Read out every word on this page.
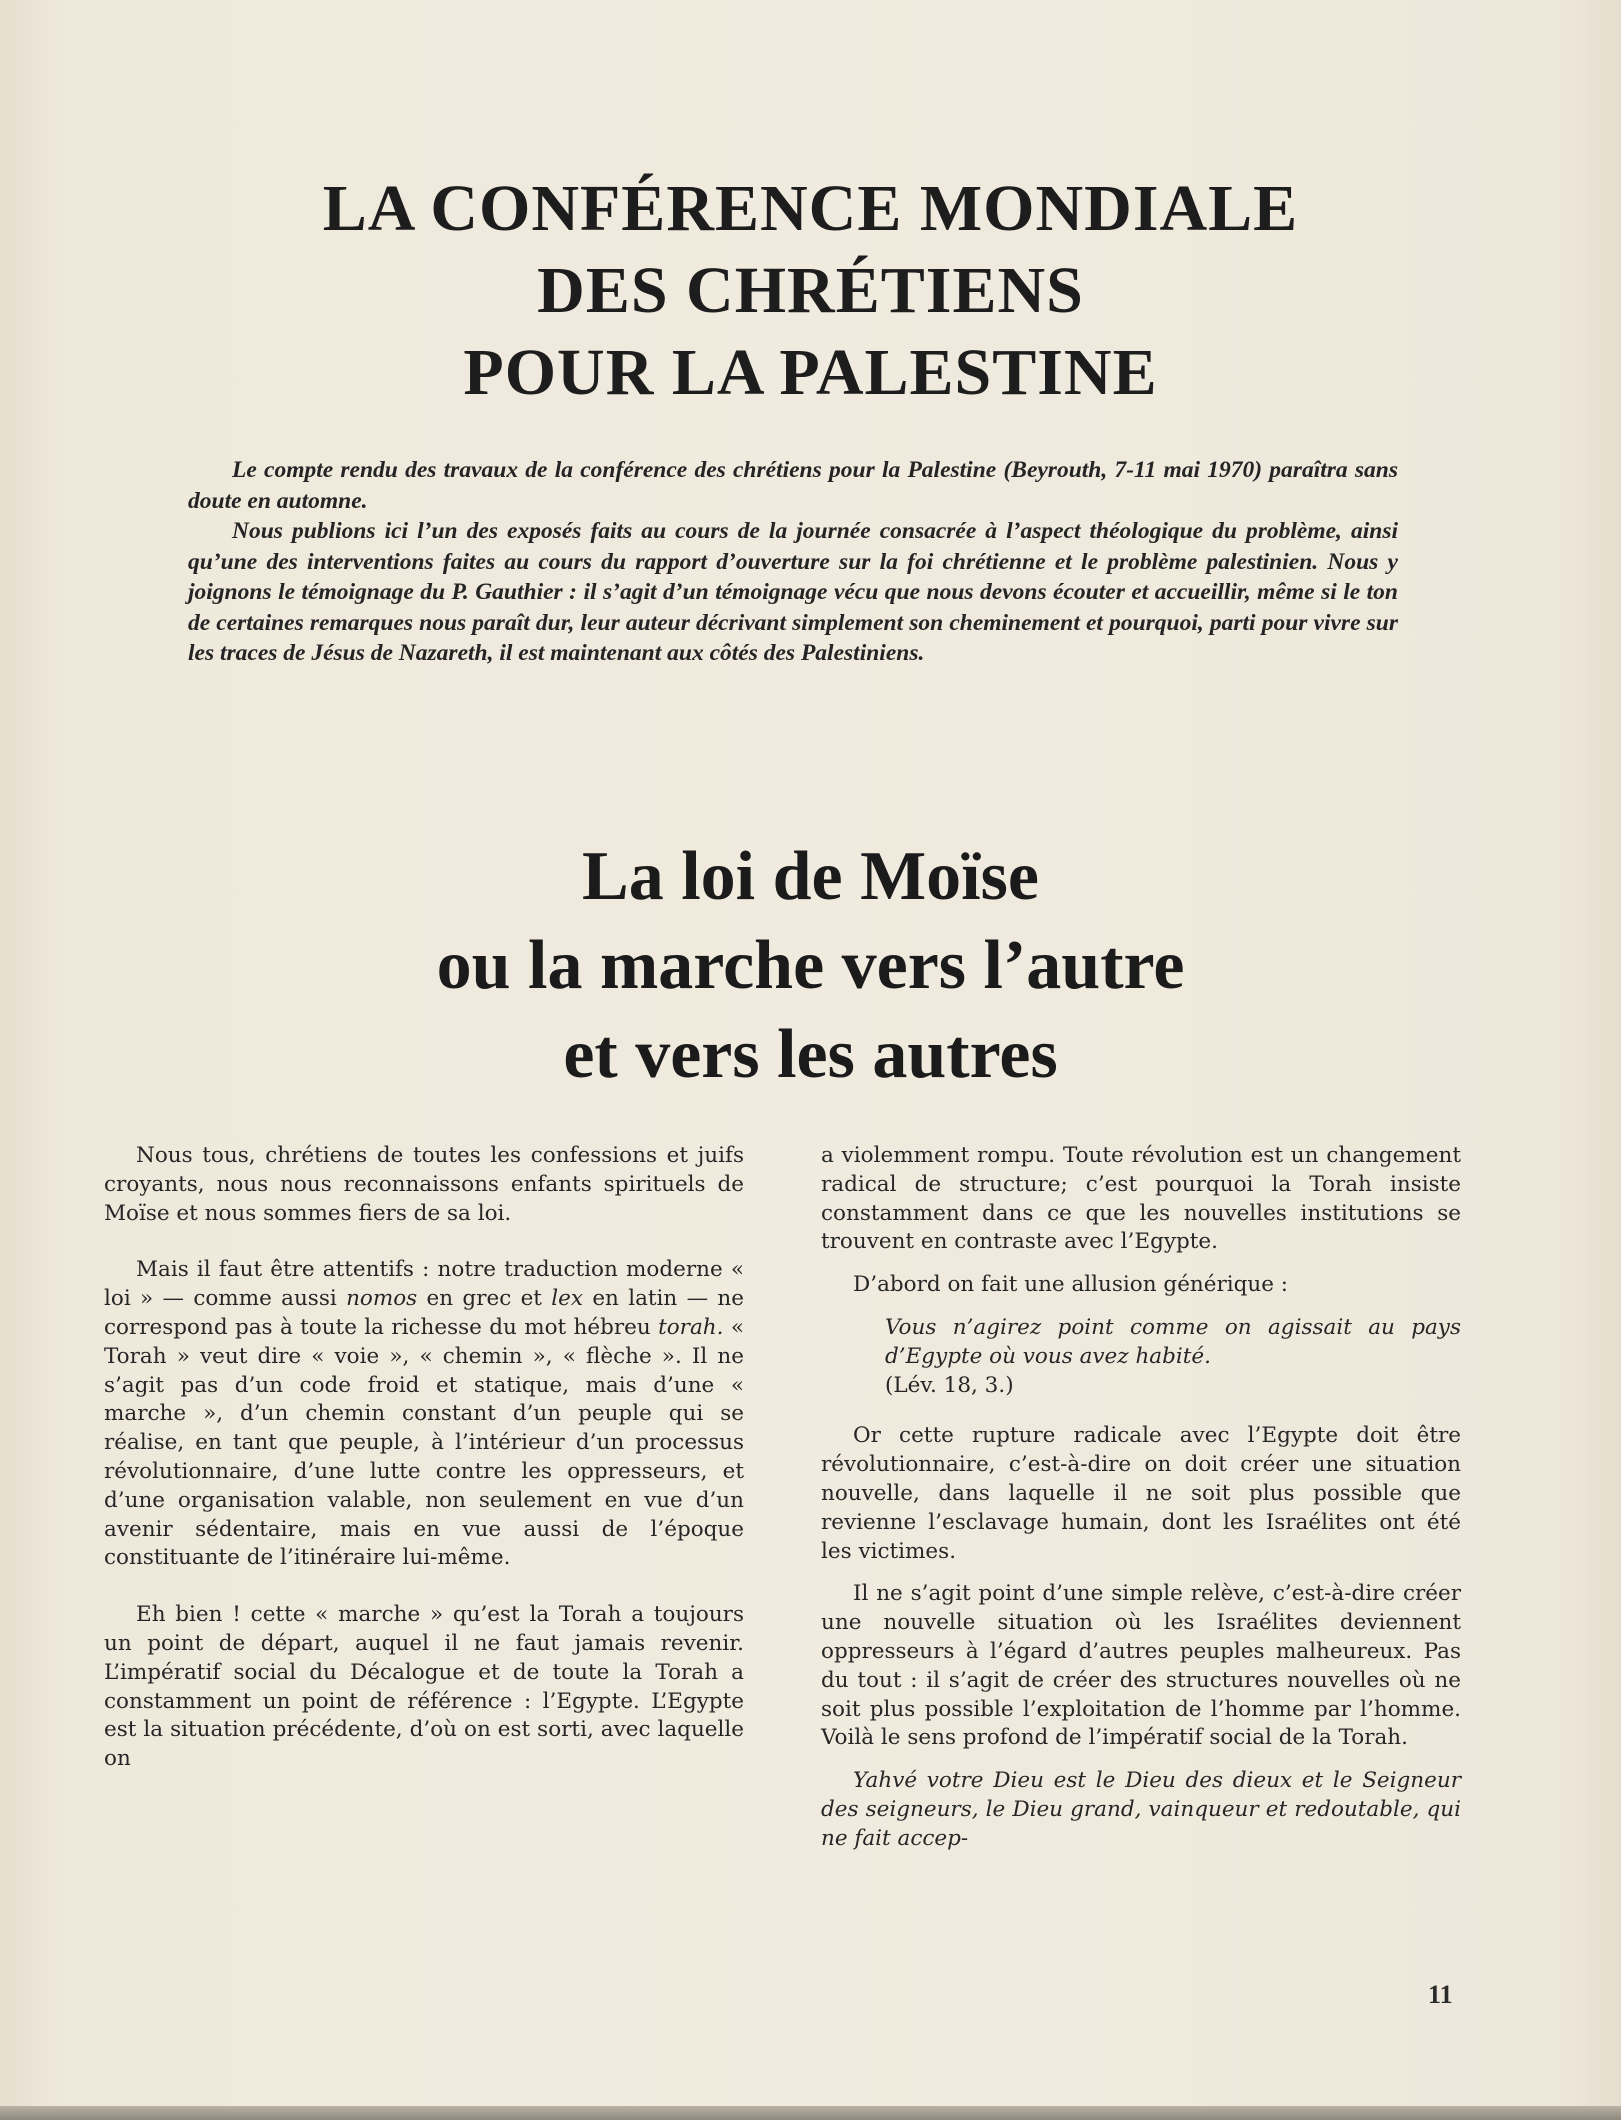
LA CONFÉRENCE MONDIALE
DES CHRÉTIENS
POUR LA PALESTINE

Le compte rendu des travaux de la conférence des chrétiens pour la Palestine (Beyrouth, 7-11 mai 1970) paraîtra sans doute en automne.

Nous publions ici l’un des exposés faits au cours de la journée consacrée à l’aspect théologique du problème, ainsi qu’une des interventions faites au cours du rapport d’ouverture sur la foi chrétienne et le problème palestinien. Nous y joignons le témoignage du P. Gauthier : il s’agit d’un témoignage vécu que nous devons écouter et accueillir, même si le ton de certaines remarques nous paraît dur, leur auteur décrivant simplement son cheminement et pourquoi, parti pour vivre sur les traces de Jésus de Nazareth, il est maintenant aux côtés des Palestiniens.

La loi de Moïse
ou la marche vers l’autre
et vers les autres

Nous tous, chrétiens de toutes les confessions et juifs croyants, nous nous reconnaissons enfants spirituels de Moïse et nous sommes fiers de sa loi.

Mais il faut être attentifs : notre traduction moderne « loi » — comme aussi nomos en grec et lex en latin — ne correspond pas à toute la richesse du mot hébreu torah. « Torah » veut dire « voie », « chemin », « flèche ». Il ne s’agit pas d’un code froid et statique, mais d’une « marche », d’un chemin constant d’un peuple qui se réalise, en tant que peuple, à l’intérieur d’un processus révolutionnaire, d’une lutte contre les oppresseurs, et d’une organisation valable, non seulement en vue d’un avenir sédentaire, mais en vue aussi de l’époque constituante de l’itinéraire lui-même.

Eh bien ! cette « marche » qu’est la Torah a toujours un point de départ, auquel il ne faut jamais revenir. L’impératif social du Décalogue et de toute la Torah a constamment un point de référence : l’Egypte. L’Egypte est la situation précédente, d’où on est sorti, avec laquelle on

a violemment rompu. Toute révolution est un changement radical de structure; c’est pourquoi la Torah insiste constamment dans ce que les nouvelles institutions se trouvent en contraste avec l’Egypte.

D’abord on fait une allusion générique :

Vous n’agirez point comme on agissait au pays d’Egypte où vous avez habité.
(Lév. 18, 3.)

Or cette rupture radicale avec l’Egypte doit être révolutionnaire, c’est-à-dire on doit créer une situation nouvelle, dans laquelle il ne soit plus possible que revienne l’esclavage humain, dont les Israélites ont été les victimes.

Il ne s’agit point d’une simple relève, c’est-à-dire créer une nouvelle situation où les Israélites deviennent oppresseurs à l’égard d’autres peuples malheureux. Pas du tout : il s’agit de créer des structures nouvelles où ne soit plus possible l’exploitation de l’homme par l’homme. Voilà le sens profond de l’impératif social de la Torah.

Yahvé votre Dieu est le Dieu des dieux et le Seigneur des seigneurs, le Dieu grand, vainqueur et redoutable, qui ne fait accep-

11
